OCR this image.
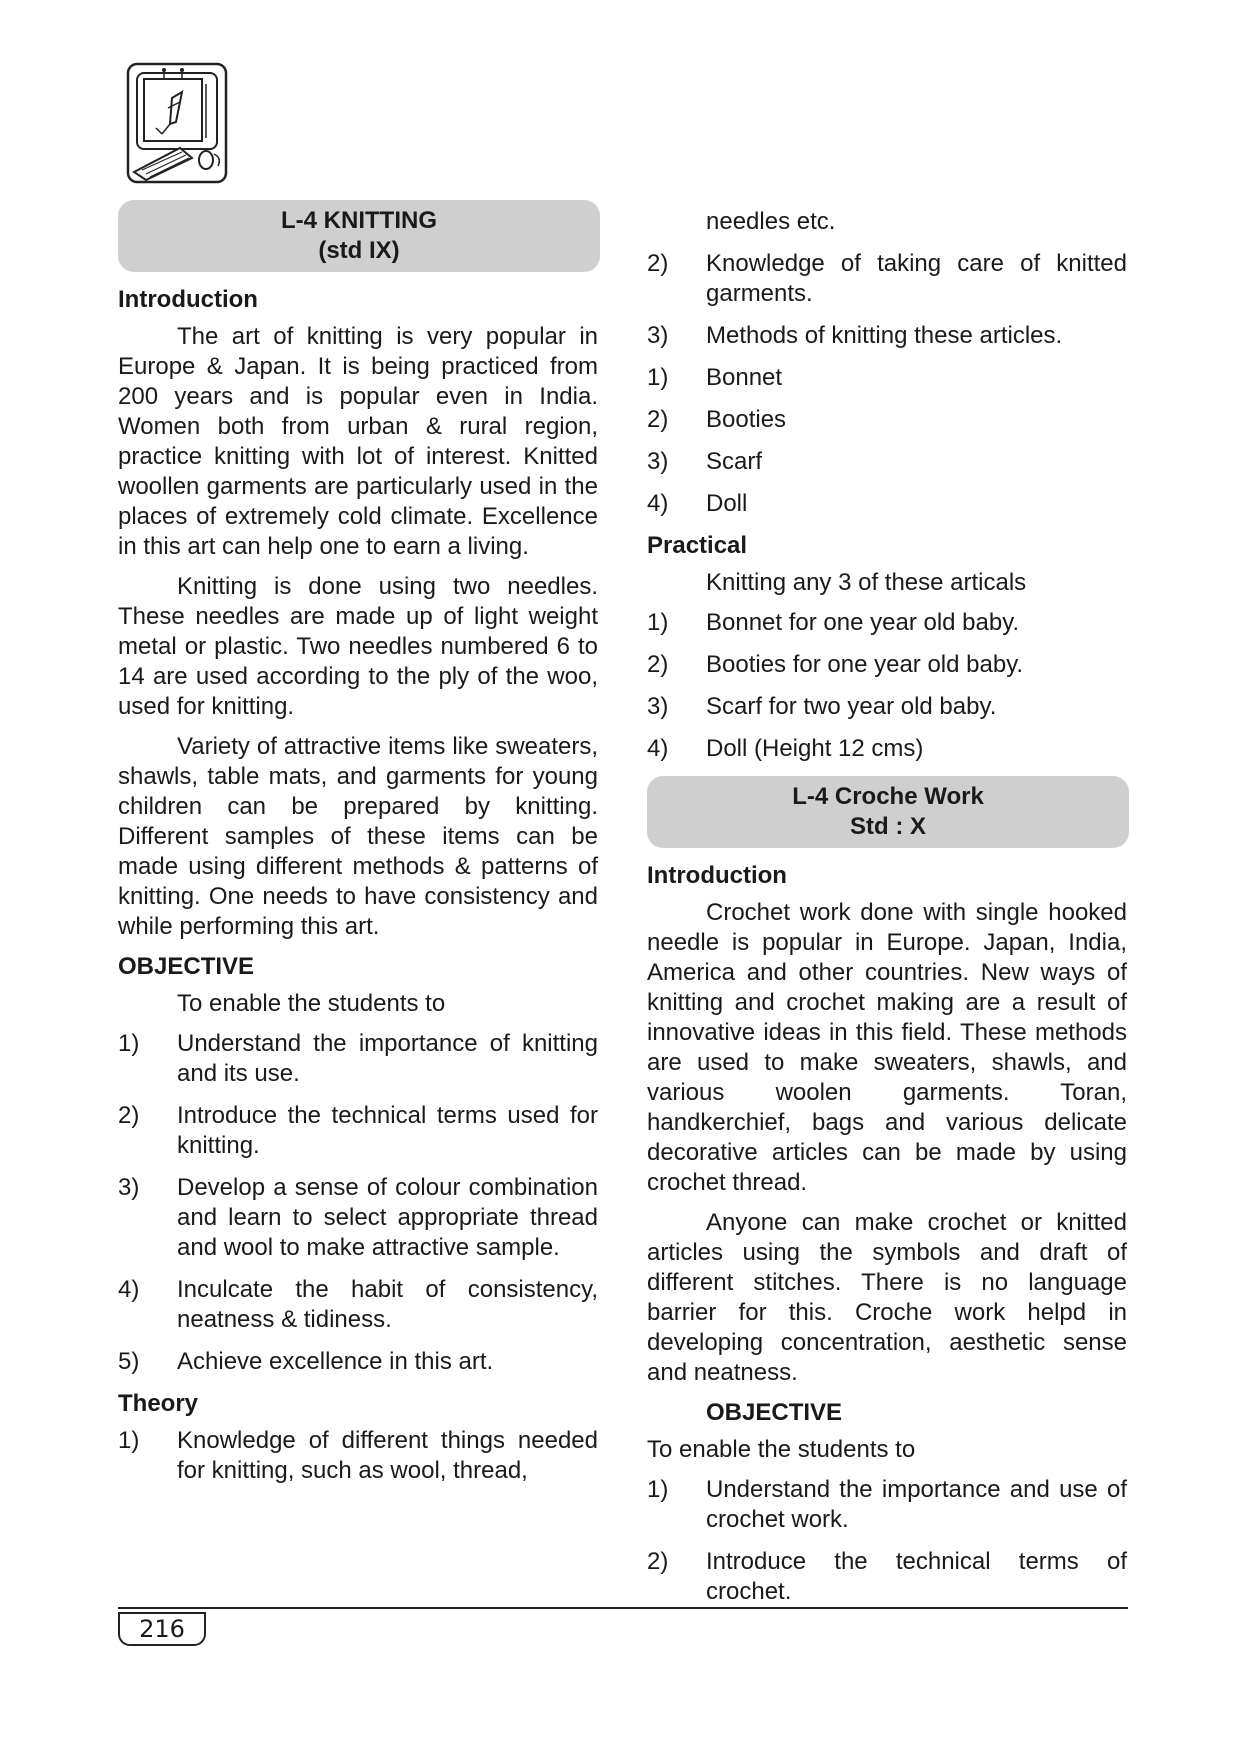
L-4 KNITTING
(std IX)
Introduction

The art of knitting is very popular in Europe & Japan. It is being practiced from 200 years and is popular even in India. Women both from urban & rural region, practice knitting with lot of interest. Knitted woollen garments are particularly used in the places of extremely cold climate. Excellence in this art can help one to earn a living.

Knitting is done using two needles. These needles are made up of light weight metal or plastic. Two needles numbered 6 to 14 are used according to the ply of the woo, used for knitting.

Variety of attractive items like sweaters, shawls, table mats, and garments for young children can be prepared by knitting. Different samples of these items can be made using different methods & patterns of knitting. One needs to have consistency and while performing this art.

OBJECTIVE

To enable the students to

1)	Understand the importance of knitting and its use.
2)	Introduce the technical terms used for knitting.
3)	Develop a sense of colour combination and learn to select appropriate thread and wool to make attractive sample.
4)	Inculcate the habit of consistency, neatness & tidiness.
5)	Achieve excellence in this art.
Theory
1)	Knowledge of different things needed for knitting, such as wool, thread,
needles etc.
2)	Knowledge of taking care of knitted garments.
3)	Methods of knitting these articles.
1)	Bonnet
2)	Booties
3)	Scarf
4)	Doll
Practical

Knitting any 3 of these articals

1)	Bonnet for one year old baby.
2)	Booties for one year old baby.
3)	Scarf for two year old baby.
4)	Doll (Height 12 cms)
L-4 Croche Work
Std : X
Introduction

Crochet work done with single hooked needle is popular in Europe. Japan, India, America and other countries. New ways of knitting and crochet making are a result of innovative ideas in this field. These methods are used to make sweaters, shawls, and various woolen garments. Toran, handkerchief, bags and various delicate decorative articles can be made by using crochet thread.

Anyone can make crochet or knitted articles using the symbols and draft of different stitches. There is no language barrier for this. Croche work helpd in developing concentration, aesthetic sense and neatness.

OBJECTIVE

To enable the students to

1)	Understand the importance and use of crochet work.
2)	Introduce the technical terms of crochet.
216
